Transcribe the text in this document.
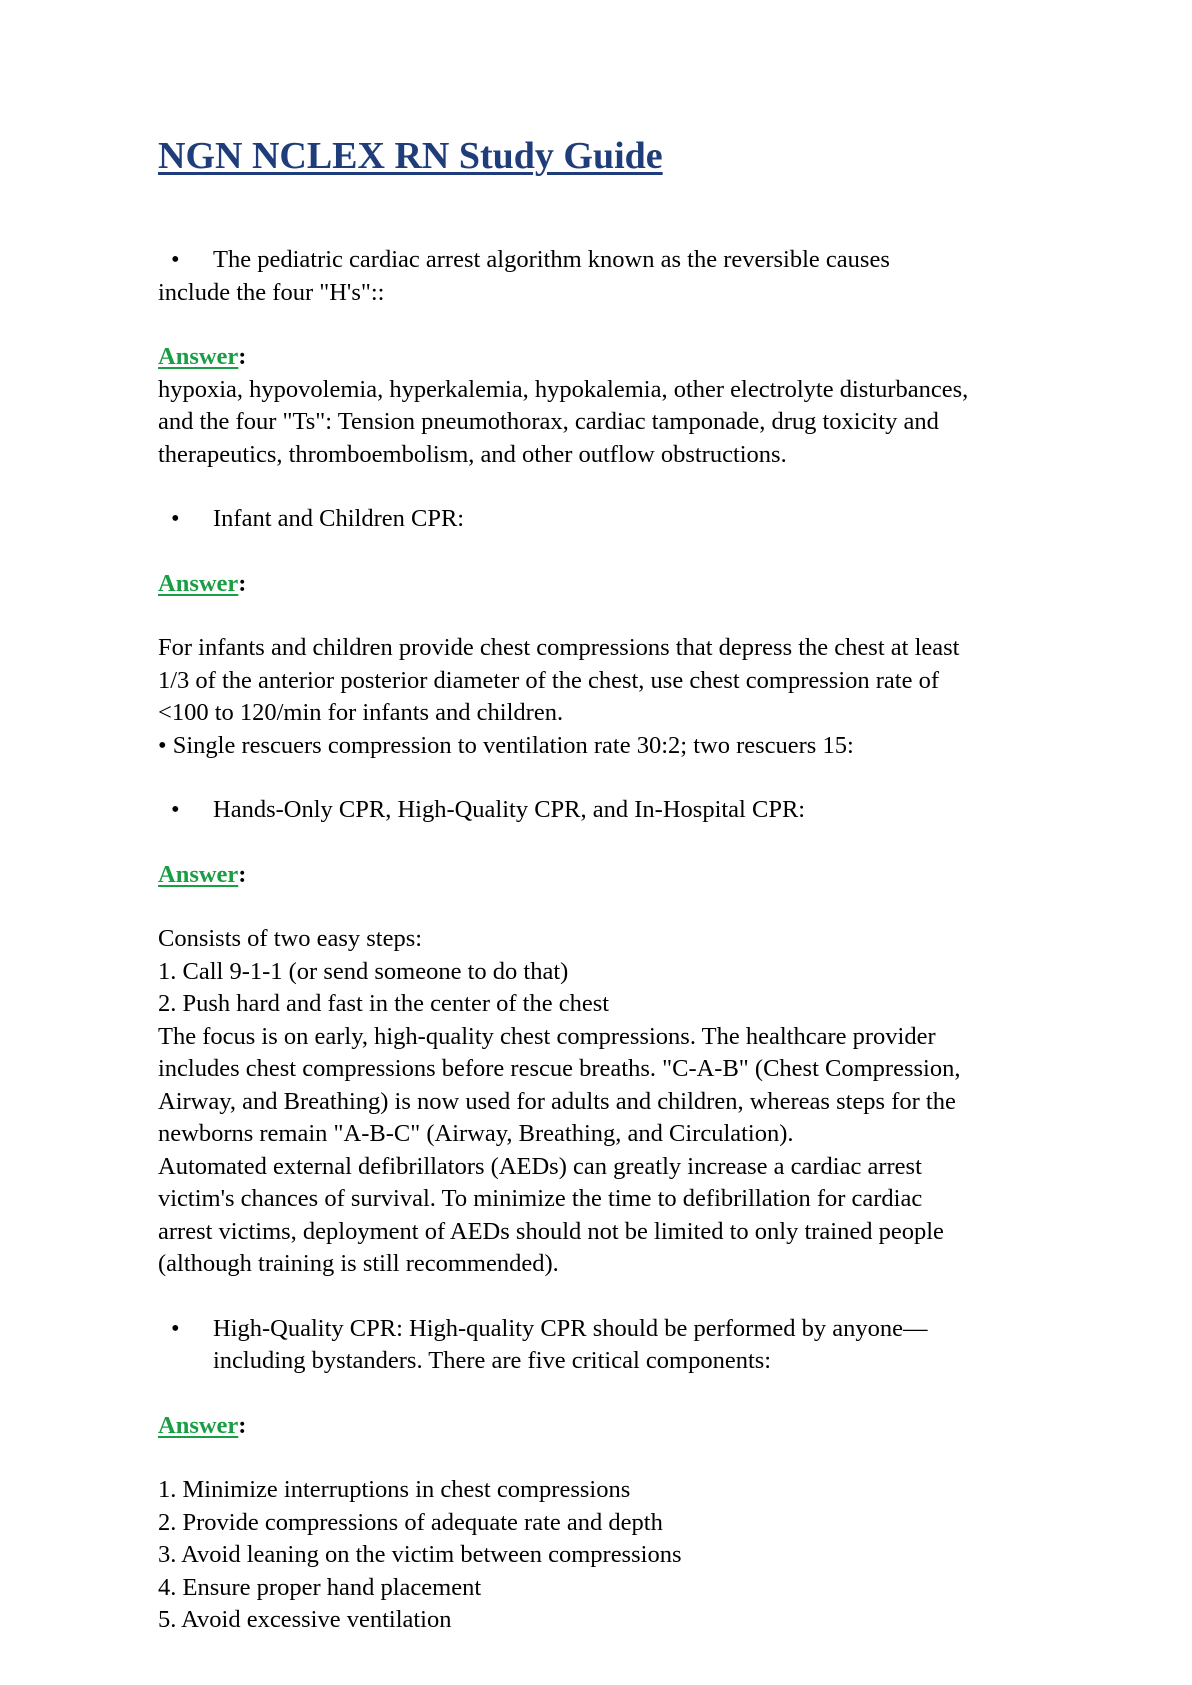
NGN NCLEX RN Study Guide

• The pediatric cardiac arrest algorithm known as the reversible causes

include the four "H's"::

Answer:

hypoxia, hypovolemia, hyperkalemia, hypokalemia, other electrolyte disturbances,

and the four "Ts": Tension pneumothorax, cardiac tamponade, drug toxicity and

therapeutics, thromboembolism, and other outflow obstructions.

• Infant and Children CPR:

Answer:

For infants and children provide chest compressions that depress the chest at least

1/3 of the anterior posterior diameter of the chest, use chest compression rate of

<100 to 120/min for infants and children.

• Single rescuers compression to ventilation rate 30:2; two rescuers 15:

• Hands-Only CPR, High-Quality CPR, and In-Hospital CPR:

Answer:

Consists of two easy steps:

1. Call 9-1-1 (or send someone to do that)

2. Push hard and fast in the center of the chest

The focus is on early, high-quality chest compressions. The healthcare provider

includes chest compressions before rescue breaths. "C-A-B" (Chest Compression,

Airway, and Breathing) is now used for adults and children, whereas steps for the

newborns remain "A-B-C" (Airway, Breathing, and Circulation).

Automated external defibrillators (AEDs) can greatly increase a cardiac arrest

victim's chances of survival. To minimize the time to defibrillation for cardiac

arrest victims, deployment of AEDs should not be limited to only trained people

(although training is still recommended).

•	High-Quality CPR: High-quality CPR should be performed by anyone—
including bystanders. There are five critical components:

Answer:

1. Minimize interruptions in chest compressions

2. Provide compressions of adequate rate and depth

3. Avoid leaning on the victim between compressions

4. Ensure proper hand placement

5. Avoid excessive ventilation
